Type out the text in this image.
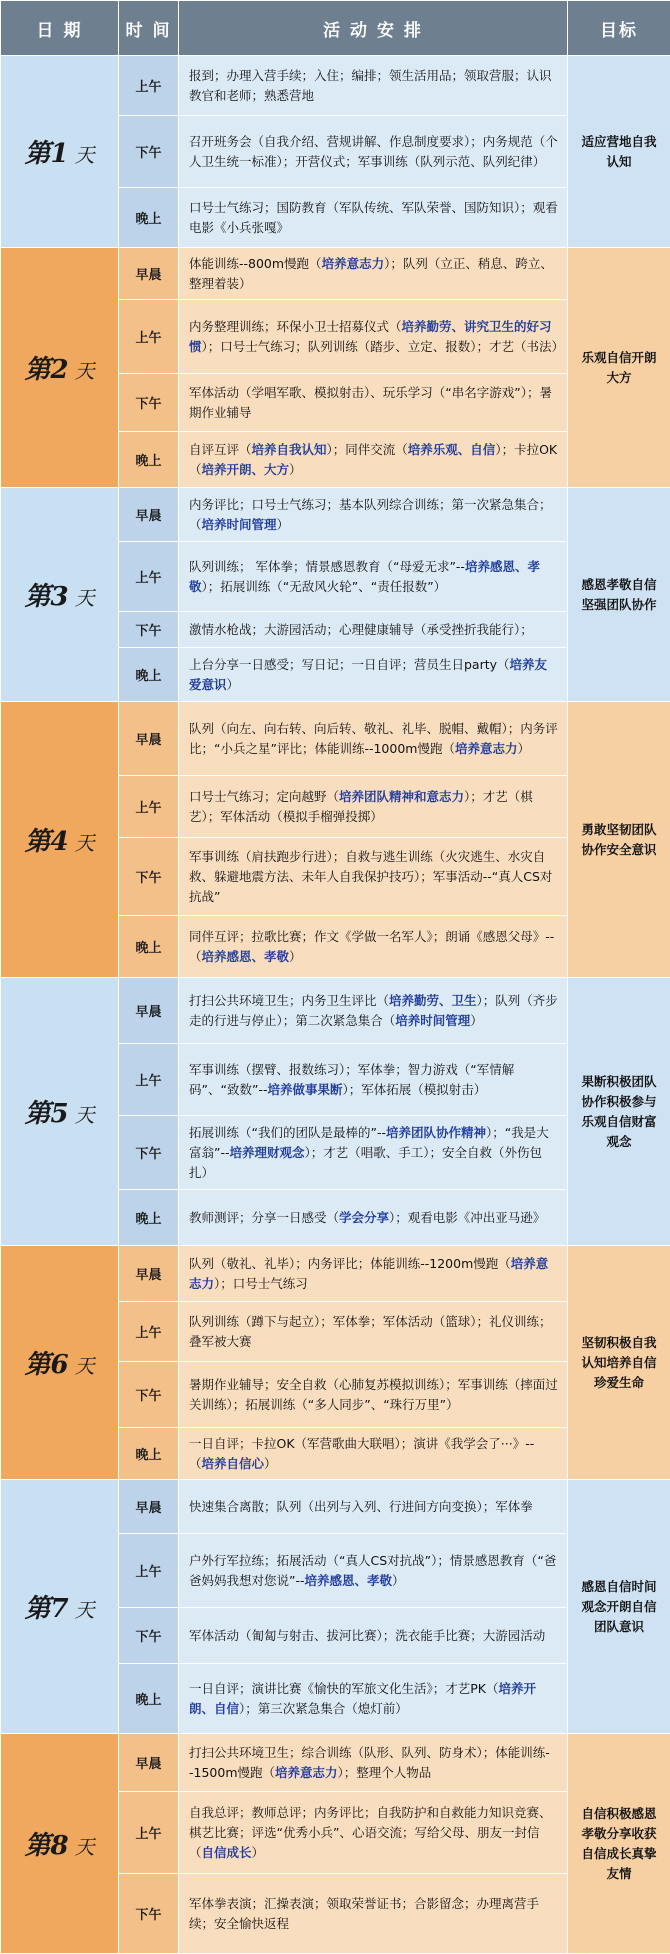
日 期	时 间	活 动 安 排	目标
第1 天	上午	报到；办理入营手续；入住；编排；领生活用品；领取营服；认识教官和老师；熟悉营地	适应营地自我认知
	下午	召开班务会（自我介绍、营规讲解、作息制度要求）；内务规范（个人卫生统一标准）；开营仪式；军事训练（队列示范、队列纪律）	
	晚上	口号士气练习；国防教育（军队传统、军队荣誉、国防知识）；观看电影《小兵张嘎》	
第2 天	早晨	体能训练--800m慢跑（培养意志力）；队列（立正、稍息、跨立、整理着装）	乐观自信开朗大方
	上午	内务整理训练；环保小卫士招募仪式（培养勤劳、讲究卫生的好习惯）；口号士气练习；队列训练（踏步、立定、报数）；才艺（书法）	
	下午	军体活动（学唱军歌、模拟射击）、玩乐学习（“串名字游戏”）；暑期作业辅导	
	晚上	自评互评（培养自我认知）；同伴交流（培养乐观、自信）；卡拉OK（培养开朗、大方）	
第3 天	早晨	内务评比；口号士气练习；基本队列综合训练；第一次紧急集合；（培养时间管理）	感恩孝敬自信坚强团队协作
	上午	队列训练； 军体拳；情景感恩教育（“母爱无求”--培养感恩、孝敬）；拓展训练（“无敌风火轮”、“责任报数”）	
	下午	激情水枪战；大游园活动；心理健康辅导（承受挫折我能行）；	
	晚上	上台分享一日感受；写日记；一日自评；营员生日party（培养友爱意识）	
第4 天	早晨	队列（向左、向右转、向后转、敬礼、礼毕、脱帽、戴帽）；内务评比；“小兵之星”评比；体能训练--1000m慢跑（培养意志力）	勇敢坚韧团队协作安全意识
	上午	口号士气练习；定向越野（培养团队精神和意志力）；才艺（棋艺）；军体活动（模拟手榴弹投掷）	
	下午	军事训练（肩扶跑步行进）；自救与逃生训练（火灾逃生、水灾自救、躲避地震方法、未年人自我保护技巧）；军事活动--“真人CS对抗战”	
	晚上	同伴互评；拉歌比赛；作文《学做一名军人》；朗诵《感恩父母》--（培养感恩、孝敬）	
第5 天	早晨	打扫公共环境卫生；内务卫生评比（培养勤劳、卫生）；队列（齐步走的行进与停止）；第二次紧急集合（培养时间管理）	果断积极团队协作积极参与乐观自信财富观念
	上午	军事训练（摆臂、报数练习）；军体拳；智力游戏（“军情解码”、“致数”--培养做事果断）；军体拓展（模拟射击）	
	下午	拓展训练（“我们的团队是最棒的”--培养团队协作精神）；“我是大富翁”--培养理财观念）；才艺（唱歌、手工）；安全自救（外伤包扎）	
	晚上	教师测评；分享一日感受（学会分享）；观看电影《冲出亚马逊》	
第6 天	早晨	队列（敬礼、礼毕）；内务评比；体能训练--1200m慢跑（培养意志力）；口号士气练习	坚韧积极自我认知培养自信珍爱生命
	上午	队列训练（蹲下与起立）；军体拳；军体活动（篮球）；礼仪训练；叠军被大赛	
	下午	暑期作业辅导；安全自救（心肺复苏模拟训练）；军事训练（摔面过关训练）；拓展训练（“多人同步”、“珠行万里”）	
	晚上	一日自评；卡拉OK（军营歌曲大联唱）；演讲《我学会了···》--（培养自信心）	
第7 天	早晨	快速集合离散；队列（出列与入列、行进间方向变换）；军体拳	感恩自信时间观念开朗自信团队意识
	上午	户外行军拉练；拓展活动（“真人CS对抗战”）；情景感恩教育（“爸爸妈妈我想对您说”--培养感恩、孝敬）	
	下午	军体活动（匍匐与射击、拔河比赛）；洗衣能手比赛；大游园活动	
	晚上	一日自评；演讲比赛《愉快的军旅文化生活》；才艺PK（培养开朗、自信）；第三次紧急集合（熄灯前）	
第8 天	早晨	打扫公共环境卫生；综合训练（队形、队列、防身术）；体能训练--1500m慢跑（培养意志力）；整理个人物品	自信积极感恩孝敬分享收获自信成长真挚友情
	上午	自我总评；教师总评；内务评比；自我防护和自救能力知识竞赛、棋艺比赛；评选“优秀小兵”、心语交流；写给父母、朋友一封信（自信成长）	
	下午	军体拳表演；汇操表演；领取荣誉证书；合影留念；办理离营手续；安全愉快返程	
